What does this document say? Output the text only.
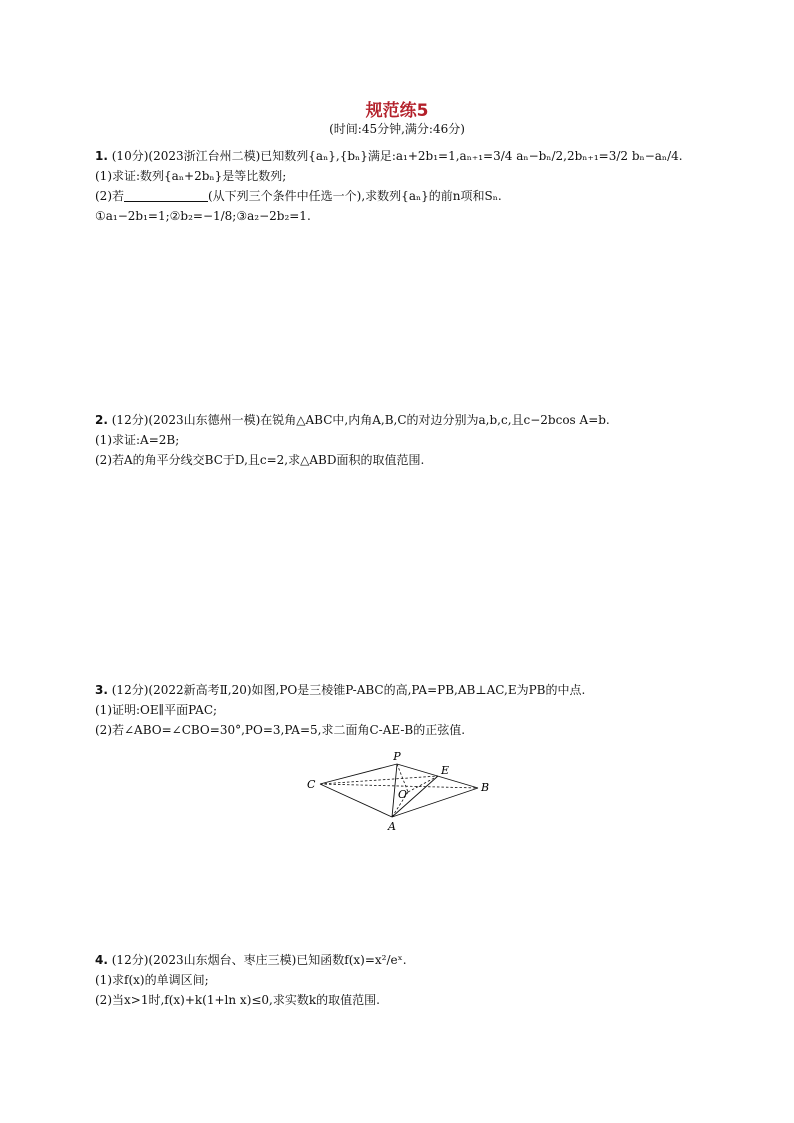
规范练5
(时间:45分钟,满分:46分)

1. (10分)(2023浙江台州二模)已知数列{aₙ},{bₙ}满足:a₁+2b₁=1,aₙ₊₁=3/4 aₙ−bₙ/2,2bₙ₊₁=3/2 bₙ−aₙ/4.

(1)求证:数列{aₙ+2bₙ}是等比数列;

(2)若	(从下列三个条件中任选一个),求数列{aₙ}的前n项和Sₙ.

①a₁−2b₁=1;②b₂=−1/8;③a₂−2b₂=1.

2. (12分)(2023山东德州一模)在锐角△ABC中,内角A,B,C的对边分别为a,b,c,且c−2bcos A=b.

(1)求证:A=2B;

(2)若A的角平分线交BC于D,且c=2,求△ABD面积的取值范围.

3. (12分)(2022新高考Ⅱ,20)如图,PO是三棱锥P-ABC的高,PA=PB,AB⊥AC,E为PB的中点.

(1)证明:OE∥平面PAC;

(2)若∠ABO=∠CBO=30°,PO=3,PA=5,求二面角C-AE-B的正弦值.

P
E
C
O
B
A

4. (12分)(2023山东烟台、枣庄三模)已知函数f(x)=x²/eˣ.

(1)求f(x)的单调区间;

(2)当x>1时,f(x)+k(1+ln x)≤0,求实数k的取值范围.
